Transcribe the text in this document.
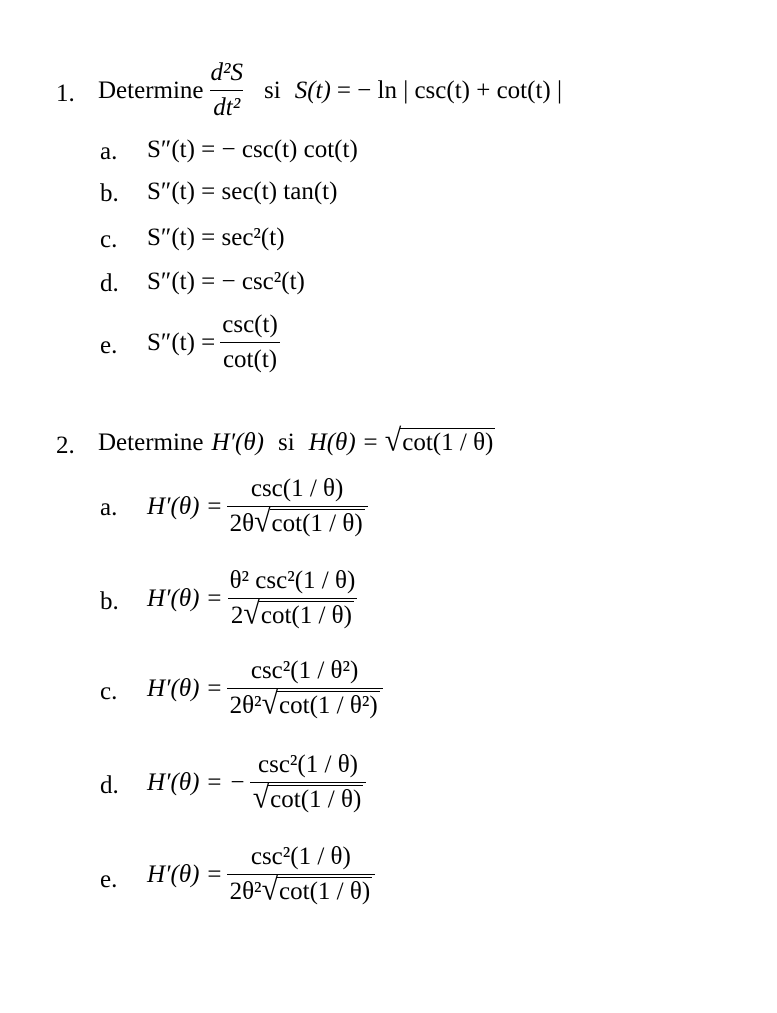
1. Determine $\frac{\text{d²S}}{\text{dt²}}$ si S(t) = − ln | csc(t) + cot(t) |
a. S″(t) = − csc(t) cot(t)
b. S″(t) = sec(t) tan(t)
c. S″(t) = sec²(t)
d. S″(t) = − csc²(t)
e. $S''(t) = \frac{\csc(t)}{\cot(t)}$
2. Determine H′(θ) si H(θ) = √ cot(1 / θ)
a. $H'(\theta) = \frac{\csc(1 / \theta)}{2\theta √ \cot(1 / \theta)}$
b. $H'(\theta) = \frac{\text{θ² csc²(1 / θ)}}{2 √ \cot(1 / \theta)}$
c. $H'(\theta) = \frac{\text{csc²(1 / θ²)}}{\text{2θ² √ cot(1 / θ²)}}$
d. H′(θ) = − $\frac{\text{csc²(1 / θ)}}{√ \cot(1 / \theta)}$
e. $H'(\theta) = \frac{\text{csc²(1 / θ)}}{\text{2θ² √ cot(1 / θ)}}$
